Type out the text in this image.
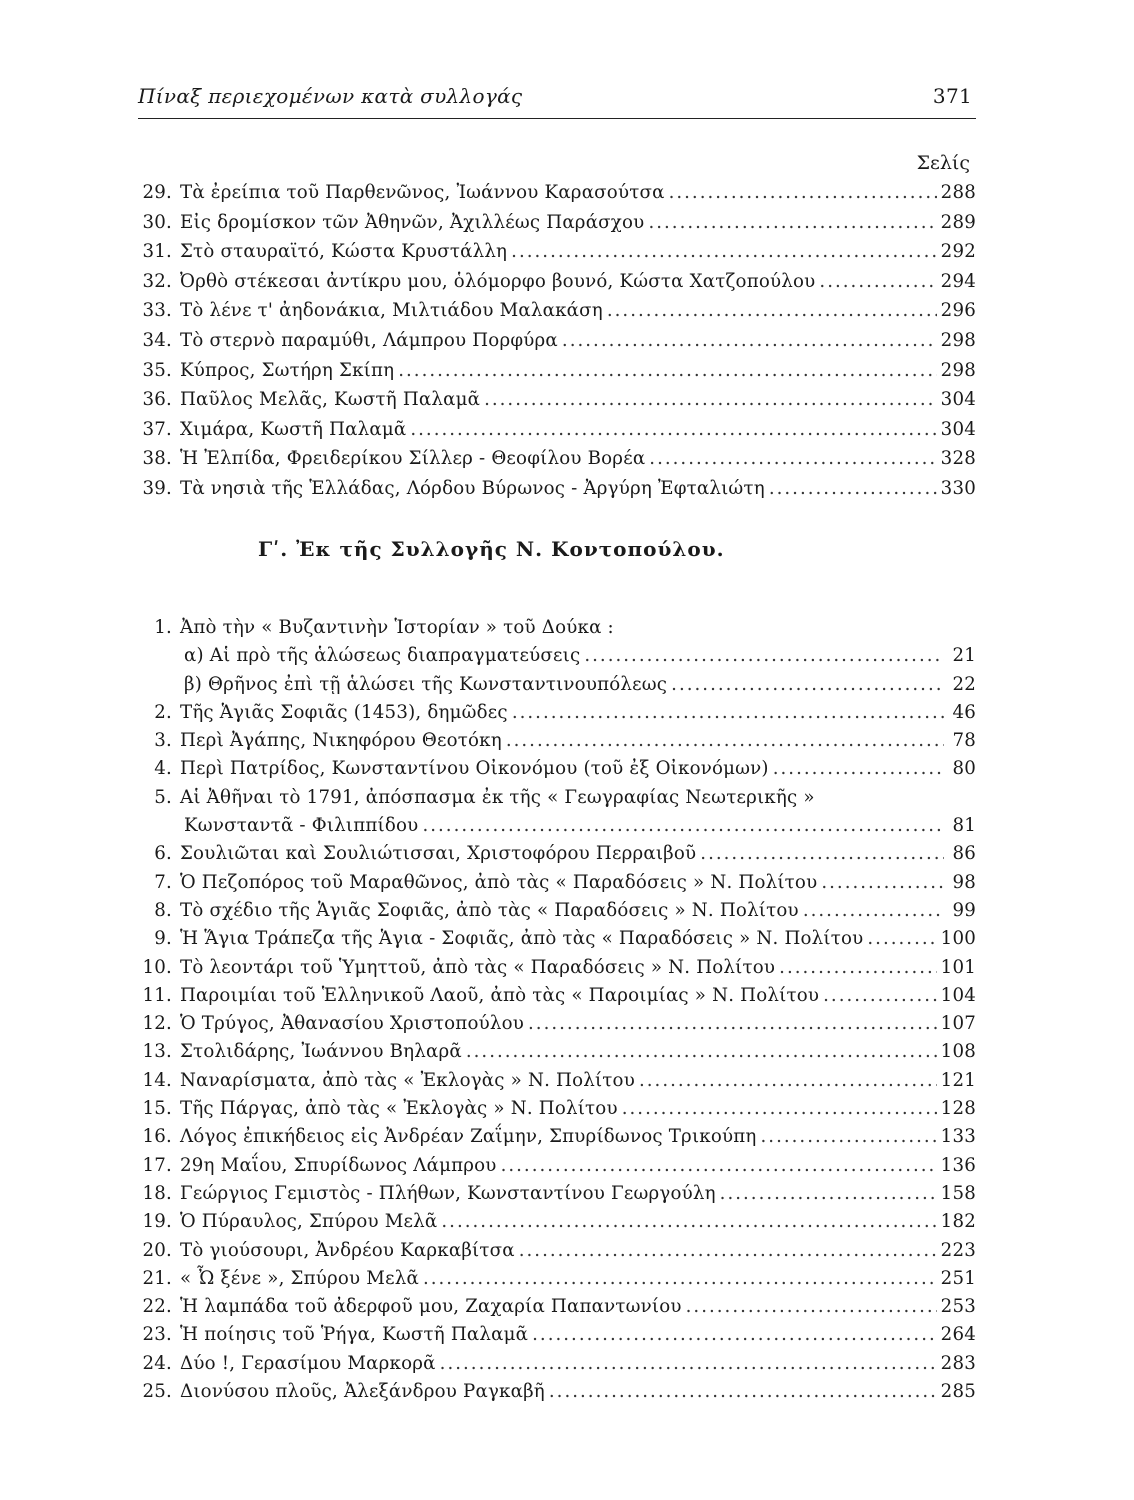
Πίναξ περιεχομένων κατὰ συλλογάς	371
Σελίς
29. Τὰ ἐρείπια τοῦ Παρθενῶνος, Ἰωάννου Καρασούτσα .....	288
30. Εἰς δρομίσκον τῶν Ἀθηνῶν, Ἀχιλλέως Παράσχου .....	289
31. Στὸ σταυραϊτό, Κώστα Κρυστάλλη .....	292
32. Ὀρθὸ στέκεσαι ἀντίκρυ μου, ὁλόμορφο βουνό, Κώστα Χατζοπούλου .....	294
33. Τὸ λένε τ' ἀηδονάκια, Μιλτιάδου Μαλακάση .....	296
34. Τὸ στερνὸ παραμύθι, Λάμπρου Πορφύρα .....	298
35. Κύπρος, Σωτήρη Σκίπη .....	298
36. Παῦλος Μελᾶς, Κωστῆ Παλαμᾶ .....	304
37. Χιμάρα, Κωστῆ Παλαμᾶ .....	304
38. Ἡ Ἐλπίδα, Φρειδερίκου Σίλλερ - Θεοφίλου Βορέα .....	328
39. Τὰ νησιὰ τῆς Ἑλλάδας, Λόρδου Βύρωνος - Ἀργύρη Ἐφταλιώτη .....	330
Γʹ. Ἐκ τῆς Συλλογῆς Ν. Κοντοπούλου.
1. Ἀπὸ τὴν « Βυζαντινὴν Ἱστορίαν » τοῦ Δούκα :
α) Αἱ πρὸ τῆς ἁλώσεως διαπραγματεύσεις .....	21
β) Θρῆνος ἐπὶ τῇ ἁλώσει τῆς Κωνσταντινουπόλεως .....	22
2. Τῆς Ἁγιᾶς Σοφιᾶς (1453), δημῶδες .....	46
3. Περὶ Ἀγάπης, Νικηφόρου Θεοτόκη .....	78
4. Περὶ Πατρίδος, Κωνσταντίνου Οἰκονόμου (τοῦ ἐξ Οἰκονόμων) .....	80
5. Αἱ Ἀθῆναι τὸ 1791, ἀπόσπασμα ἐκ τῆς « Γεωγραφίας Νεωτερικῆς »
Κωνσταντᾶ - Φιλιππίδου .....	81
6. Σουλιῶται καὶ Σουλιώτισσαι, Χριστοφόρου Περραιβοῦ .....	86
7. Ὁ Πεζοπόρος τοῦ Μαραθῶνος, ἀπὸ τὰς « Παραδόσεις » Ν. Πολίτου .....	98
8. Τὸ σχέδιο τῆς Ἁγιᾶς Σοφιᾶς, ἀπὸ τὰς « Παραδόσεις » Ν. Πολίτου .....	99
9. Ἡ Ἅγια Τράπεζα τῆς Ἁγια - Σοφιᾶς, ἀπὸ τὰς « Παραδόσεις » Ν. Πολίτου .....	100
10. Τὸ λεοντάρι τοῦ Ὑμηττοῦ, ἀπὸ τὰς « Παραδόσεις » Ν. Πολίτου .....	101
11. Παροιμίαι τοῦ Ἑλληνικοῦ Λαοῦ, ἀπὸ τὰς « Παροιμίας » Ν. Πολίτου .....	104
12. Ὁ Τρύγος, Ἀθανασίου Χριστοπούλου .....	107
13. Στολιδάρης, Ἰωάννου Βηλαρᾶ .....	108
14. Ναναρίσματα, ἀπὸ τὰς « Ἐκλογὰς » Ν. Πολίτου .....	121
15. Τῆς Πάργας, ἀπὸ τὰς « Ἐκλογὰς » Ν. Πολίτου .....	128
16. Λόγος ἐπικήδειος εἰς Ἀνδρέαν Ζαΐμην, Σπυρίδωνος Τρικούπη .....	133
17. 29η Μαΐου, Σπυρίδωνος Λάμπρου .....	136
18. Γεώργιος Γεμιστὸς - Πλήθων, Κωνσταντίνου Γεωργούλη .....	158
19. Ὁ Πύραυλος, Σπύρου Μελᾶ .....	182
20. Τὸ γιούσουρι, Ἀνδρέου Καρκαβίτσα .....	223
21. « Ὦ ξένε », Σπύρου Μελᾶ .....	251
22. Ἡ λαμπάδα τοῦ ἀδερφοῦ μου, Ζαχαρία Παπαντωνίου .....	253
23. Ἡ ποίησις τοῦ Ῥήγα, Κωστῆ Παλαμᾶ .....	264
24. Δύο !, Γερασίμου Μαρκορᾶ .....	283
25. Διονύσου πλοῦς, Ἀλεξάνδρου Ραγκαβῆ .....	285
